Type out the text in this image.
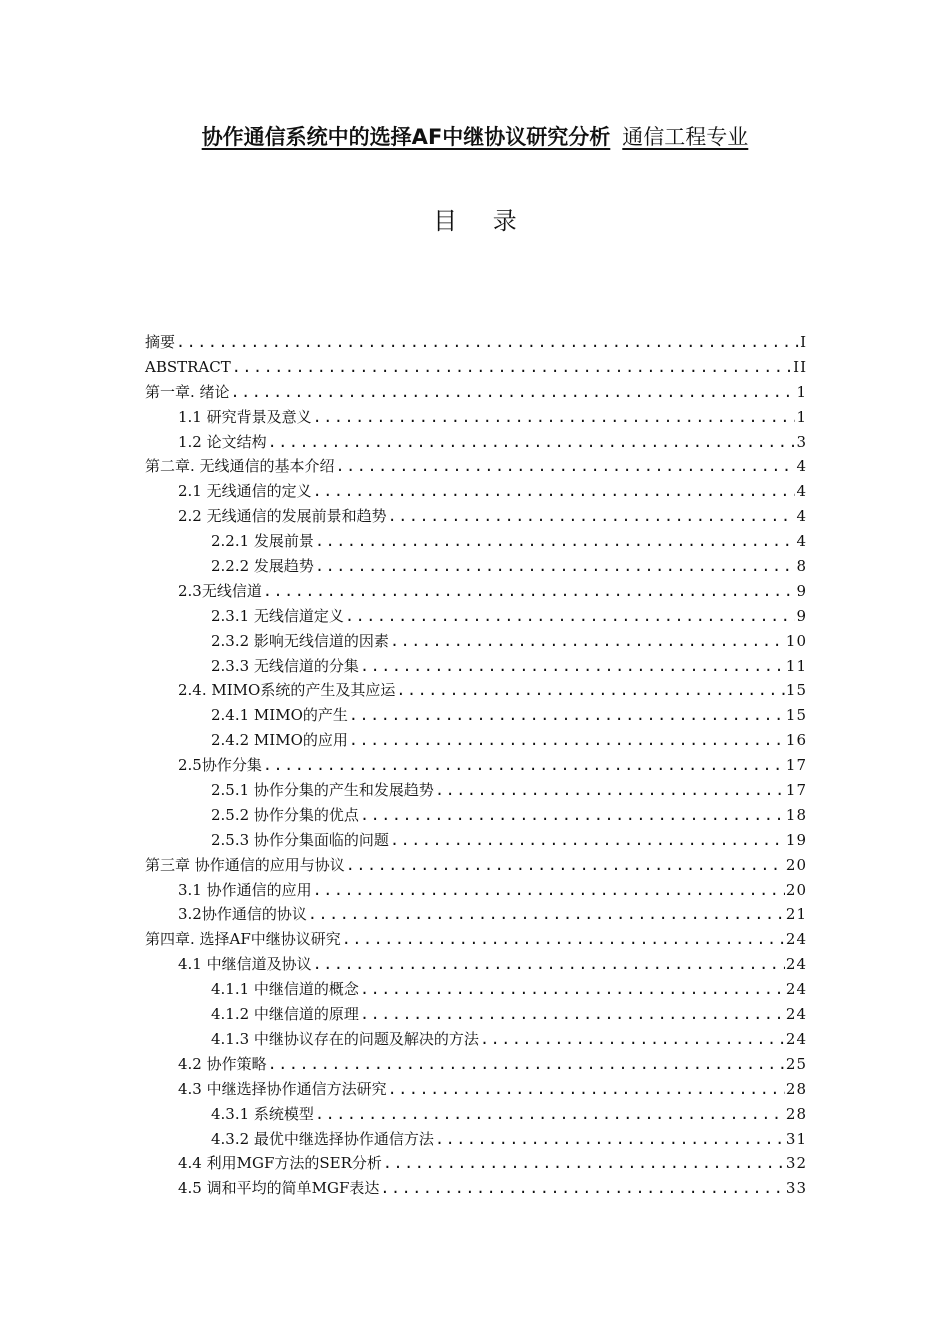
协作通信系统中的选择AF中继协议研究分析 通信工程专业
目 录
摘要 .....	I
ABSTRACT .....	II
第一章. 绪论 .....	1
1.1 研究背景及意义 .....	1
1.2 论文结构 .....	3
第二章. 无线通信的基本介绍 .....	4
2.1 无线通信的定义 .....	4
2.2 无线通信的发展前景和趋势 .....	4
2.2.1 发展前景 .....	4
2.2.2 发展趋势 .....	8
2.3无线信道 .....	9
2.3.1 无线信道定义 .....	9
2.3.2 影响无线信道的因素 .....	10
2.3.3 无线信道的分集 .....	11
2.4. MIMO系统的产生及其应运 .....	15
2.4.1 MIMO的产生 .....	15
2.4.2 MIMO的应用 .....	16
2.5协作分集 .....	17
2.5.1 协作分集的产生和发展趋势 .....	17
2.5.2 协作分集的优点 .....	18
2.5.3 协作分集面临的问题 .....	19
第三章 协作通信的应用与协议 .....	20
3.1 协作通信的应用 .....	20
3.2协作通信的协议 .....	21
第四章. 选择AF中继协议研究 .....	24
4.1 中继信道及协议 .....	24
4.1.1 中继信道的概念 .....	24
4.1.2 中继信道的原理 .....	24
4.1.3 中继协议存在的问题及解决的方法 .....	24
4.2 协作策略 .....	25
4.3 中继选择协作通信方法研究 .....	28
4.3.1 系统模型 .....	28
4.3.2 最优中继选择协作通信方法 .....	31
4.4 利用MGF方法的SER分析 .....	32
4.5 调和平均的简单MGF表达 .....	33
